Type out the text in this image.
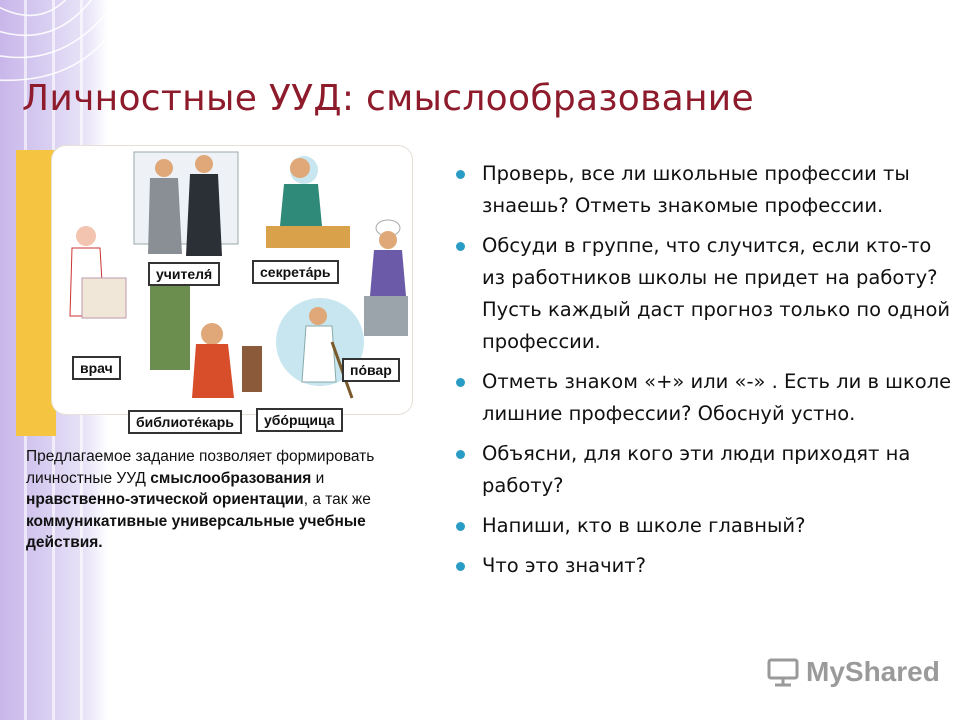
Личностные УУД: смыслообразование
учителя́	секрета́рь
врач	по́вар
библиоте́карь	убо́рщица
Предлагаемое задание позволяет формировать личностные УУД смыслообразования и нравственно-этической ориентации, а так же коммуникативные универсальные учебные действия.
Проверь, все ли школьные профессии ты знаешь? Отметь знакомые профессии.
Обсуди в группе, что случится, если кто-то из работников школы не придет на работу? Пусть каждый даст прогноз только по одной профессии.
Отметь знаком «+» или «-» . Есть ли в школе лишние профессии? Обоснуй устно.
Объясни, для кого эти люди приходят на работу?
Напиши, кто в школе главный?
Что это значит?
MyShared
